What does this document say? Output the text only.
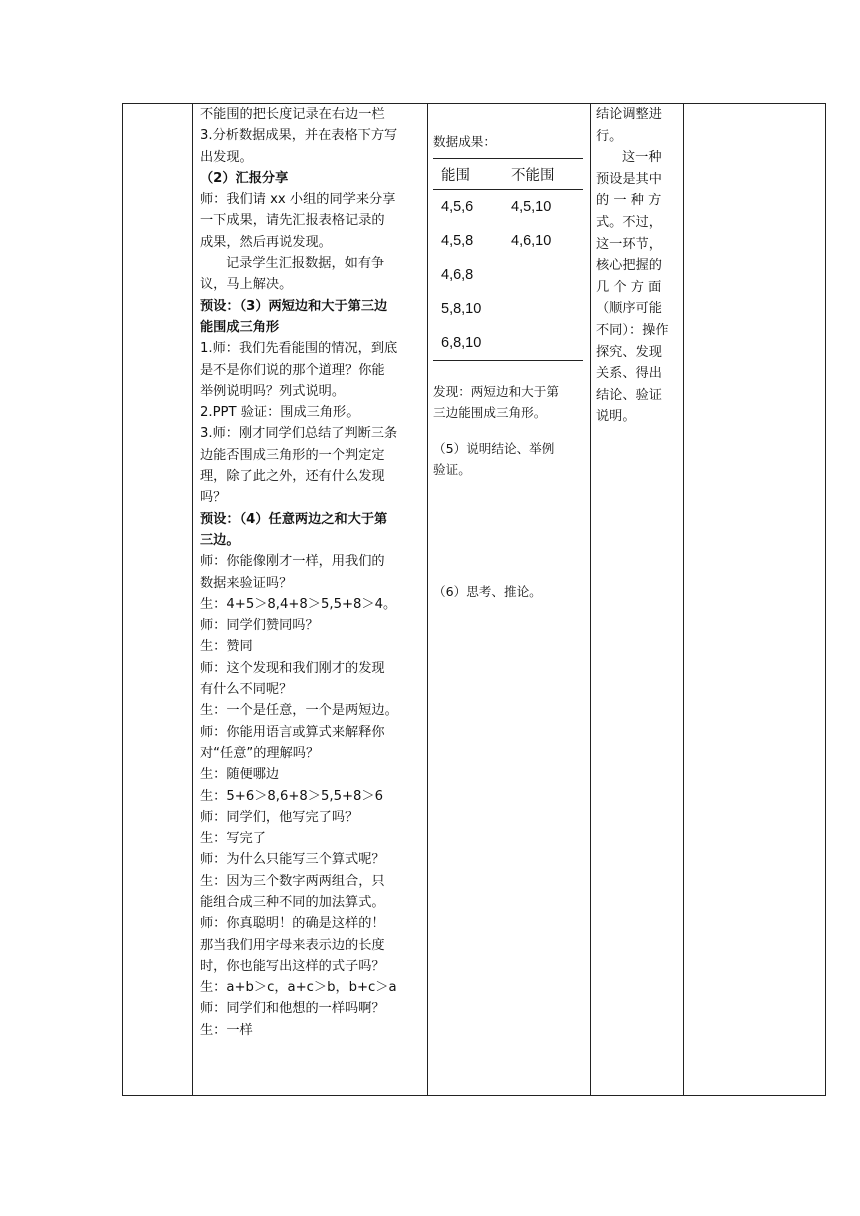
不能围的把长度记录在右边一栏
3.分析数据成果，并在表格下方写
出发现。
（2）汇报分享
师：我们请 xx 小组的同学来分享
一下成果，请先汇报表格记录的
成果，然后再说发现。
记录学生汇报数据，如有争
议，马上解决。
预设：（3）两短边和大于第三边
能围成三角形
1.师：我们先看能围的情况，到底
是不是你们说的那个道理？你能
举例说明吗？列式说明。
2.PPT 验证：围成三角形。
3.师：刚才同学们总结了判断三条
边能否围成三角形的一个判定定
理，除了此之外，还有什么发现
吗？
预设：（4）任意两边之和大于第
三边。
师：你能像刚才一样，用我们的
数据来验证吗？
生：4+5＞8,4+8＞5,5+8＞4。
师：同学们赞同吗？
生：赞同
师：这个发现和我们刚才的发现
有什么不同呢？
生：一个是任意，一个是两短边。
师：你能用语言或算式来解释你
对“任意”的理解吗？
生：随便哪边
生：5+6＞8,6+8＞5,5+8＞6
师：同学们，他写完了吗？
生：写完了
师：为什么只能写三个算式呢？
生：因为三个数字两两组合，只
能组合成三种不同的加法算式。
师：你真聪明！的确是这样的！
那当我们用字母来表示边的长度
时，你也能写出这样的式子吗？
生：a+b＞c，a+c＞b，b+c＞a
师：同学们和他想的一样吗啊？
生：一样
数据成果：
能围	不能围
4,5,6	4,5,10
4,5,8	4,6,10
4,6,8
5,8,10
6,8,10
发现：两短边和大于第
三边能围成三角形。
（5）说明结论、举例
验证。
（6）思考、推论。
结论调整进
行。
这一种
预设是其中
的 一 种 方
式。不过，
这一环节，
核心把握的
几 个 方 面
（顺序可能
不同）：操作
探究、发现
关系、得出
结论、验证
说明。
